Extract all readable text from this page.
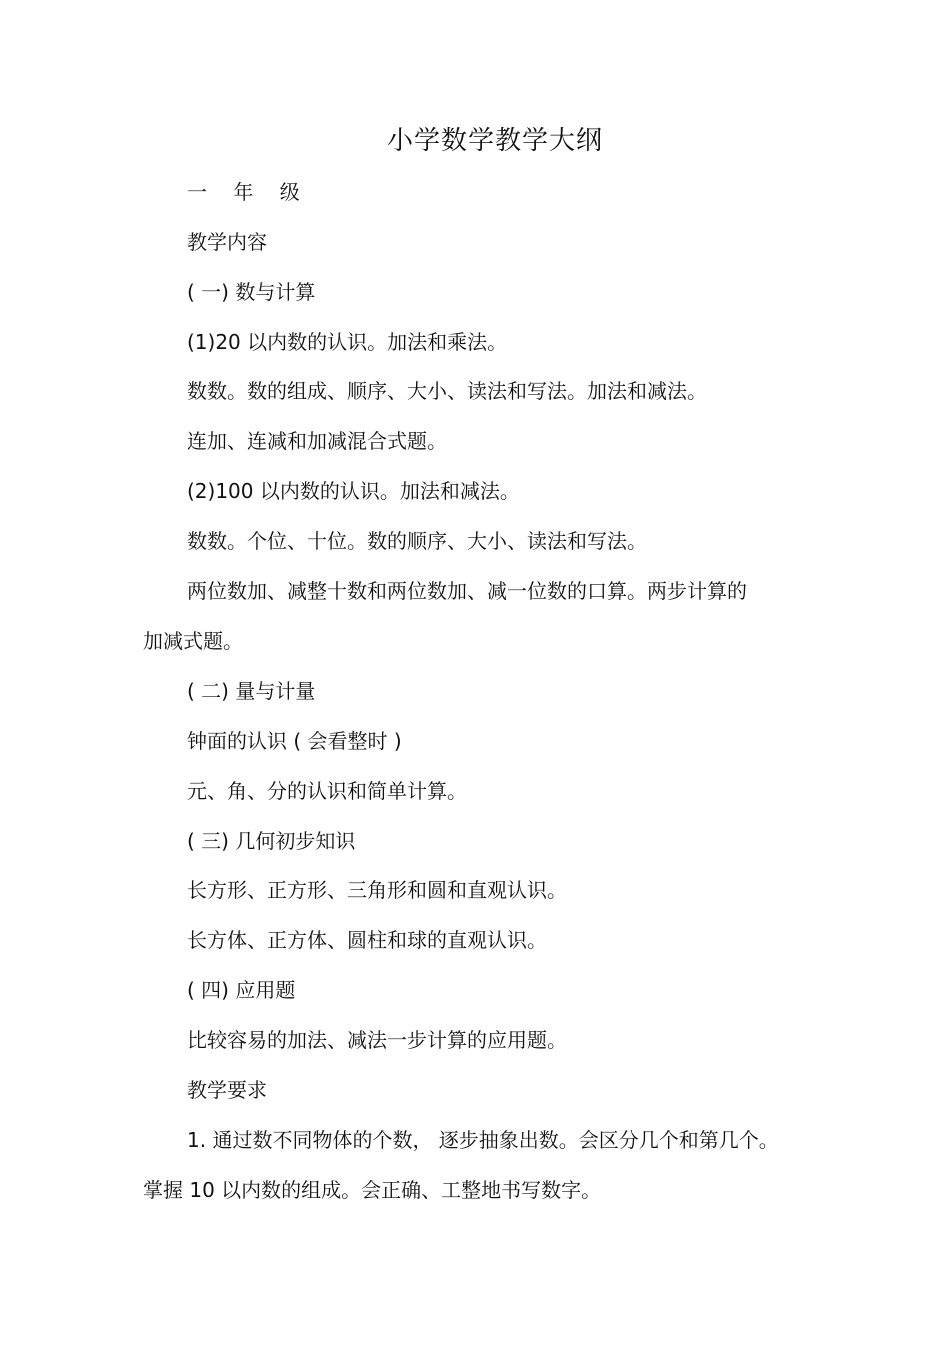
小学数学教学大纲
一 年 级
教学内容
( 一) 数与计算
(1)20 以内数的认识。加法和乘法。
数数。数的组成、顺序、大小、读法和写法。加法和减法。
连加、连减和加减混合式题。
(2)100 以内数的认识。加法和减法。
数数。个位、十位。数的顺序、大小、读法和写法。
两位数加、减整十数和两位数加、减一位数的口算。两步计算的
加减式题。
( 二) 量与计量
钟面的认识 ( 会看整时 )
元、角、分的认识和简单计算。
( 三) 几何初步知识
长方形、正方形、三角形和圆和直观认识。
长方体、正方体、圆柱和球的直观认识。
( 四) 应用题
比较容易的加法、减法一步计算的应用题。
教学要求
1. 通过数不同物体的个数， 逐步抽象出数。会区分几个和第几个。
掌握 10 以内数的组成。会正确、工整地书写数字。
